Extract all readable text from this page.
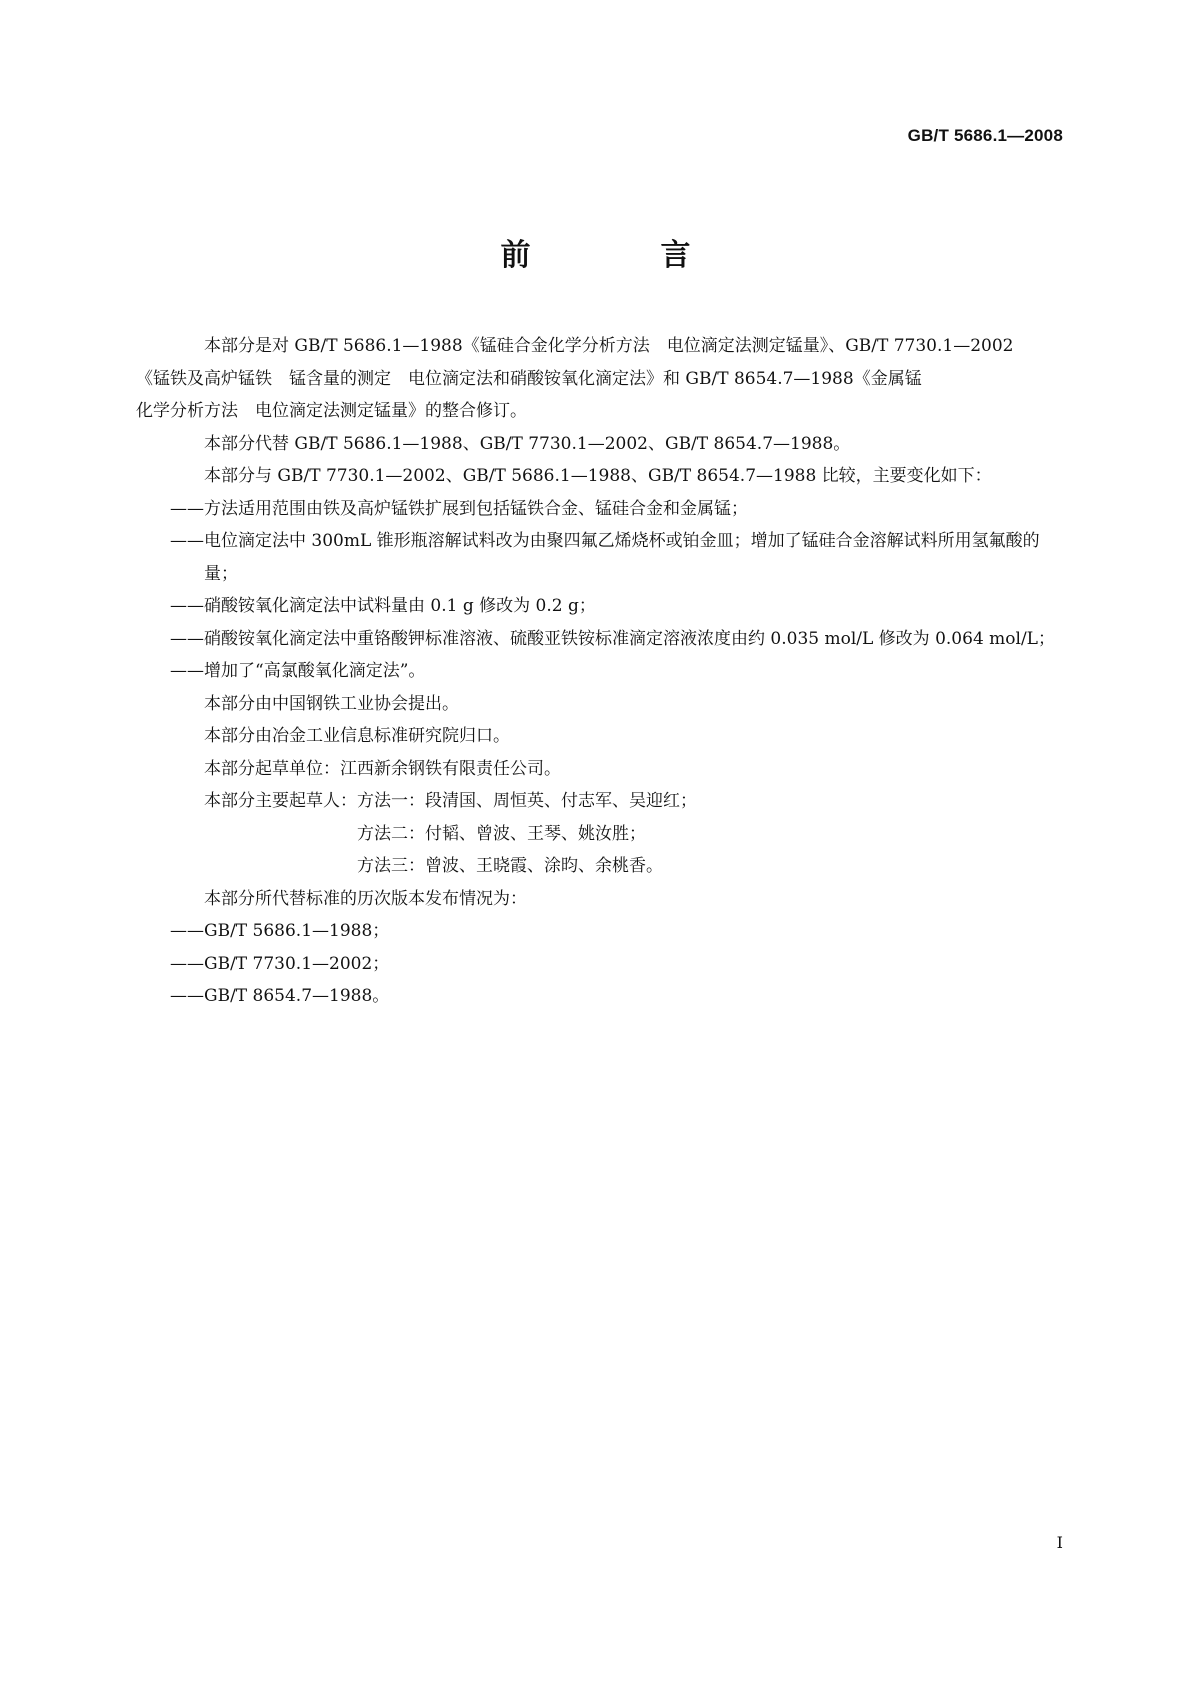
GB/T 5686.1—2008
前　言

本部分是对 GB/T 5686.1—1988《锰硅合金化学分析方法　电位滴定法测定锰量》、GB/T 7730.1—2002

《锰铁及高炉锰铁　锰含量的测定　电位滴定法和硝酸铵氧化滴定法》和 GB/T 8654.7—1988《金属锰

化学分析方法　电位滴定法测定锰量》的整合修订。

本部分代替 GB/T 5686.1—1988、GB/T 7730.1—2002、GB/T 8654.7—1988。

本部分与 GB/T 7730.1—2002、GB/T 5686.1—1988、GB/T 8654.7—1988 比较，主要变化如下：

——方法适用范围由铁及高炉锰铁扩展到包括锰铁合金、锰硅合金和金属锰；

——电位滴定法中 300mL 锥形瓶溶解试料改为由聚四氟乙烯烧杯或铂金皿；增加了锰硅合金溶解试料所用氢氟酸的量；

——硝酸铵氧化滴定法中试料量由 0.1 g 修改为 0.2 g；

——硝酸铵氧化滴定法中重铬酸钾标准溶液、硫酸亚铁铵标准滴定溶液浓度由约 0.035 mol/L 修改为 0.064 mol/L；

——增加了“高氯酸氧化滴定法”。

本部分由中国钢铁工业协会提出。

本部分由冶金工业信息标准研究院归口。

本部分起草单位：江西新余钢铁有限责任公司。

本部分主要起草人：方法一：段清国、周恒英、付志军、吴迎红；

方法二：付韬、曾波、王琴、姚汝胜；

方法三：曾波、王晓霞、涂昀、余桃香。

本部分所代替标准的历次版本发布情况为：

——GB/T 5686.1—1988；

——GB/T 7730.1—2002；

——GB/T 8654.7—1988。

I
